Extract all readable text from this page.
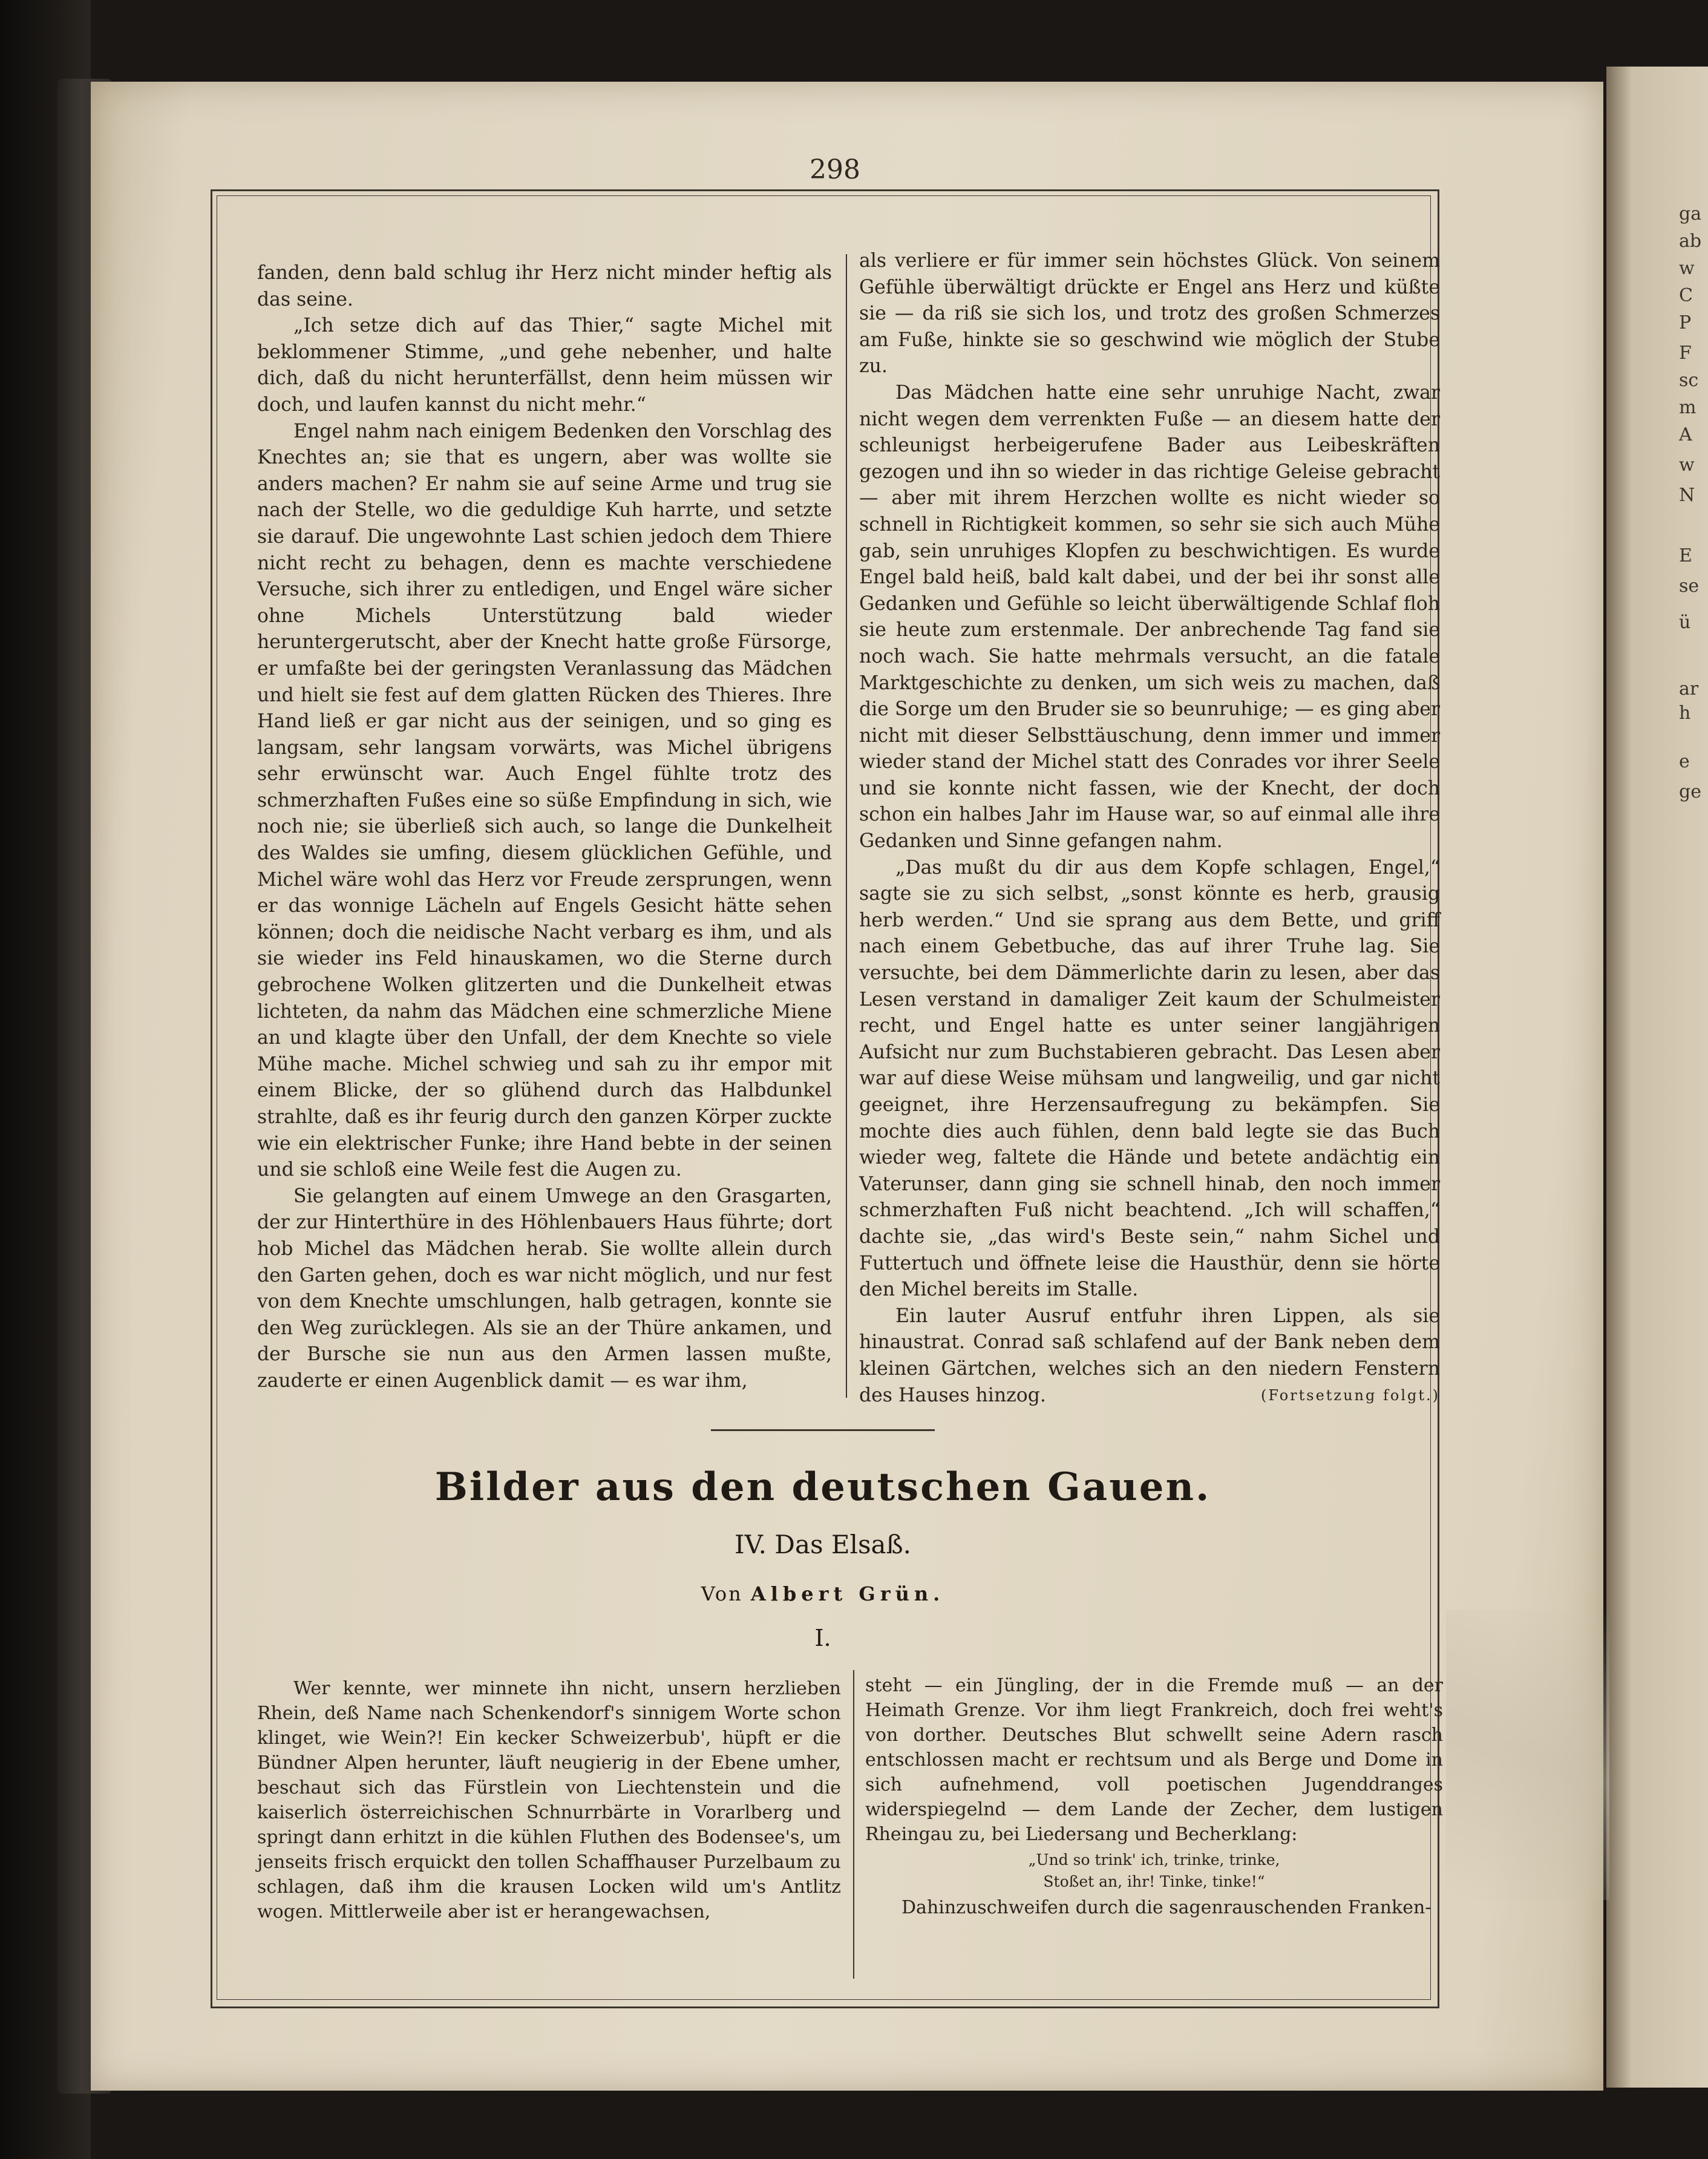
ga
ab
w
C
P
F
sc
m
A
w
N
E
se
ü
ar
h
e
ge
298

fanden, denn bald schlug ihr Herz nicht minder heftig als das seine.

„Ich setze dich auf das Thier,“ sagte Michel mit beklommener Stimme, „und gehe nebenher, und halte dich, daß du nicht herunterfällst, denn heim müssen wir doch, und laufen kannst du nicht mehr.“

Engel nahm nach einigem Bedenken den Vorschlag des Knechtes an; sie that es ungern, aber was wollte sie anders machen? Er nahm sie auf seine Arme und trug sie nach der Stelle, wo die geduldige Kuh harrte, und setzte sie darauf. Die ungewohnte Last schien jedoch dem Thiere nicht recht zu behagen, denn es machte verschiedene Versuche, sich ihrer zu entledigen, und Engel wäre sicher ohne Michels Unterstützung bald wieder heruntergerutscht, aber der Knecht hatte große Fürsorge, er umfaßte bei der geringsten Veranlassung das Mädchen und hielt sie fest auf dem glatten Rücken des Thieres. Ihre Hand ließ er gar nicht aus der seinigen, und so ging es langsam, sehr langsam vorwärts, was Michel übrigens sehr erwünscht war. Auch Engel fühlte trotz des schmerzhaften Fußes eine so süße Empfindung in sich, wie noch nie; sie überließ sich auch, so lange die Dunkelheit des Waldes sie umfing, diesem glücklichen Gefühle, und Michel wäre wohl das Herz vor Freude zersprungen, wenn er das wonnige Lächeln auf Engels Gesicht hätte sehen können; doch die neidische Nacht verbarg es ihm, und als sie wieder ins Feld hinauskamen, wo die Sterne durch gebrochene Wolken glitzerten und die Dunkelheit etwas lichteten, da nahm das Mädchen eine schmerzliche Miene an und klagte über den Unfall, der dem Knechte so viele Mühe mache. Michel schwieg und sah zu ihr empor mit einem Blicke, der so glühend durch das Halbdunkel strahlte, daß es ihr feurig durch den ganzen Körper zuckte wie ein elektrischer Funke; ihre Hand bebte in der seinen und sie schloß eine Weile fest die Augen zu.

Sie gelangten auf einem Umwege an den Grasgarten, der zur Hinterthüre in des Höhlenbauers Haus führte; dort hob Michel das Mädchen herab. Sie wollte allein durch den Garten gehen, doch es war nicht möglich, und nur fest von dem Knechte umschlungen, halb getragen, konnte sie den Weg zurücklegen. Als sie an der Thüre ankamen, und der Bursche sie nun aus den Armen lassen mußte, zauderte er einen Augenblick damit — es war ihm,

als verliere er für immer sein höchstes Glück. Von seinem Gefühle überwältigt drückte er Engel ans Herz und küßte sie — da riß sie sich los, und trotz des großen Schmerzes am Fuße, hinkte sie so geschwind wie möglich der Stube zu.

Das Mädchen hatte eine sehr unruhige Nacht, zwar nicht wegen dem verrenkten Fuße — an diesem hatte der schleunigst herbeigerufene Bader aus Leibeskräften gezogen und ihn so wieder in das richtige Geleise gebracht — aber mit ihrem Herzchen wollte es nicht wieder so schnell in Richtigkeit kommen, so sehr sie sich auch Mühe gab, sein unruhiges Klopfen zu beschwichtigen. Es wurde Engel bald heiß, bald kalt dabei, und der bei ihr sonst alle Gedanken und Gefühle so leicht überwältigende Schlaf floh sie heute zum erstenmale. Der anbrechende Tag fand sie noch wach. Sie hatte mehrmals versucht, an die fatale Marktgeschichte zu denken, um sich weis zu machen, daß die Sorge um den Bruder sie so beunruhige; — es ging aber nicht mit dieser Selbsttäuschung, denn immer und immer wieder stand der Michel statt des Conrades vor ihrer Seele und sie konnte nicht fassen, wie der Knecht, der doch schon ein halbes Jahr im Hause war, so auf einmal alle ihre Gedanken und Sinne gefangen nahm.

„Das mußt du dir aus dem Kopfe schlagen, Engel,“ sagte sie zu sich selbst, „sonst könnte es herb, grausig herb werden.“ Und sie sprang aus dem Bette, und griff nach einem Gebetbuche, das auf ihrer Truhe lag. Sie versuchte, bei dem Dämmerlichte darin zu lesen, aber das Lesen verstand in damaliger Zeit kaum der Schulmeister recht, und Engel hatte es unter seiner langjährigen Aufsicht nur zum Buchstabieren gebracht. Das Lesen aber war auf diese Weise mühsam und langweilig, und gar nicht geeignet, ihre Herzensaufregung zu bekämpfen. Sie mochte dies auch fühlen, denn bald legte sie das Buch wieder weg, faltete die Hände und betete andächtig ein Vaterunser, dann ging sie schnell hinab, den noch immer schmerzhaften Fuß nicht beachtend. „Ich will schaffen,“ dachte sie, „das wird's Beste sein,“ nahm Sichel und Futtertuch und öffnete leise die Hausthür, denn sie hörte den Michel bereits im Stalle.

Ein lauter Ausruf entfuhr ihren Lippen, als sie hinaustrat. Conrad saß schlafend auf der Bank neben dem kleinen Gärtchen, welches sich an den niedern Fenstern des Hauses hinzog.	(Fortsetzung folgt.)

Bilder aus den deutschen Gauen.
IV. Das Elsaß.
Von Albert Grün.
I.

Wer kennte, wer minnete ihn nicht, unsern herzlieben Rhein, deß Name nach Schenkendorf's sinnigem Worte schon klinget, wie Wein?! Ein kecker Schweizerbub', hüpft er die Bündner Alpen herunter, läuft neugierig in der Ebene umher, beschaut sich das Fürstlein von Liechtenstein und die kaiserlich österreichischen Schnurrbärte in Vorarlberg und springt dann erhitzt in die kühlen Fluthen des Bodensee's, um jenseits frisch erquickt den tollen Schaffhauser Purzelbaum zu schlagen, daß ihm die krausen Locken wild um's Antlitz wogen. Mittlerweile aber ist er herangewachsen,

steht — ein Jüngling, der in die Fremde muß — an der Heimath Grenze. Vor ihm liegt Frankreich, doch frei weht's von dorther. Deutsches Blut schwellt seine Adern rasch entschlossen macht er rechtsum und als Berge und Dome in sich aufnehmend, voll poetischen Jugenddranges widerspiegelnd — dem Lande der Zecher, dem lustigen Rheingau zu, bei Liedersang und Becherklang:

„Und so trink' ich, trinke, trinke,
Stoßet an, ihr! Tinke, tinke!“

Dahinzuschweifen durch die sagenrauschenden Franken-
